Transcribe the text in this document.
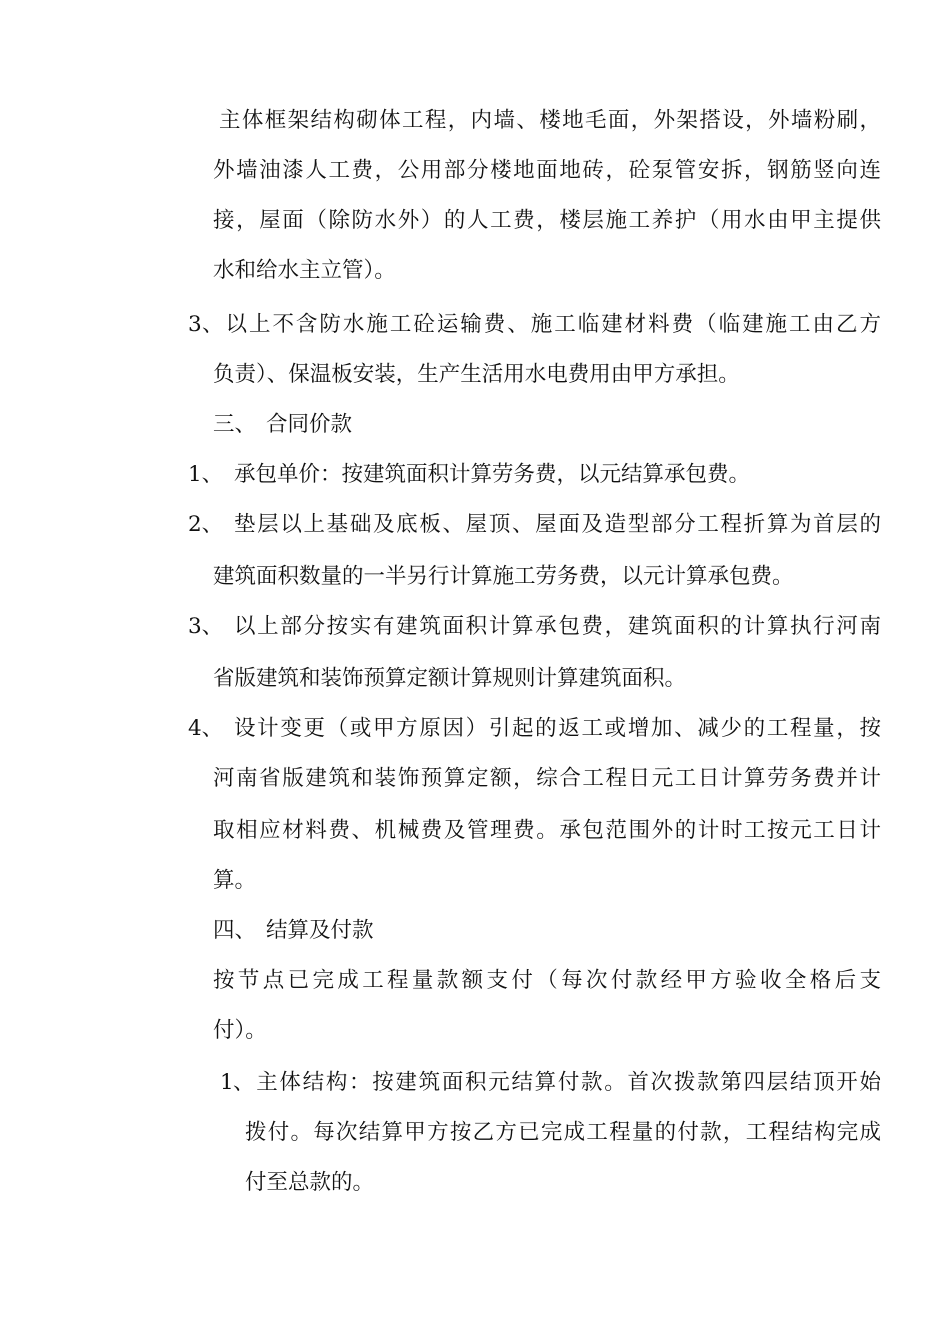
主体框架结构砌体工程，内墙、楼地毛面，外架搭设，外墙粉刷，
外墙油漆人工费，公用部分楼地面地砖，砼泵管安拆，钢筋竖向连
接，屋面（除防水外）的人工费，楼层施工养护（用水由甲主提供
水和给水主立管）。
3 、以上不含防水施工砼运输费、施工临建材料费（临建施工由乙方
负责）、保温板安装，生产生活用水电费用由甲方承担。
三、 合同价款
1、 承包单价：按建筑面积计算劳务费，以元结算承包费。
2、 垫层以上基础及底板、屋顶、屋面及造型部分工程折算为首层的
建筑面积数量的一半另行计算施工劳务费，以元计算承包费。
3、 以上部分按实有建筑面积计算承包费，建筑面积的计算执行河南
省版建筑和装饰预算定额计算规则计算建筑面积。
4、 设计变更（或甲方原因）引起的返工或增加、减少的工程量，按
河南省版建筑和装饰预算定额，综合工程日元工日计算劳务费并计
取相应材料费、机械费及管理费。承包范围外的计时工按元工日计
算。
四、 结算及付款
按节点已完成工程量款额支付（每次付款经甲方验收全格后支
付）。
1 、主体结构：按建筑面积元结算付款。首次拨款第四层结顶开始
拨付。每次结算甲方按乙方已完成工程量的付款，工程结构完成
付至总款的。
